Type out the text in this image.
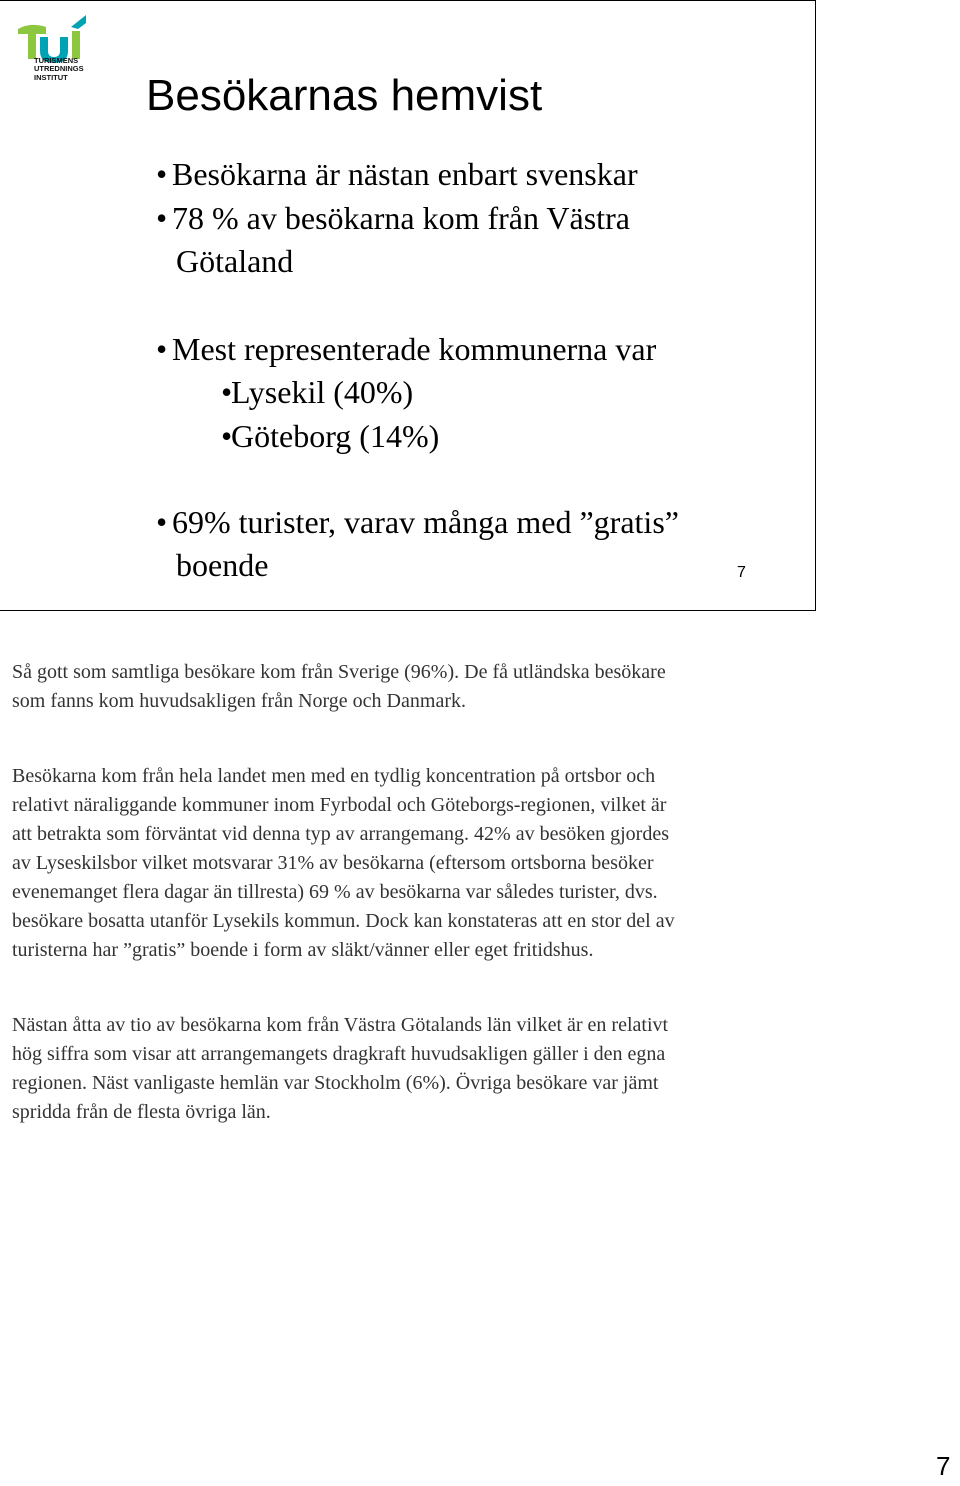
TURISMENS
UTREDNINGS
INSTITUT	Besökarnas hemvist
• Besökarna är nästan enbart svenskar
• 78 % av besökarna kom från Västra
Götaland
• Mest representerade kommunerna var
•Lysekil (40%)
•Göteborg (14%)
• 69% turister, varav många med ”gratis”
boende	7

Så gott som samtliga besökare kom från Sverige (96%). De få utländska besökare
som fanns kom huvudsakligen från Norge och Danmark.

Besökarna kom från hela landet men med en tydlig koncentration på ortsbor och
relativt näraliggande kommuner inom Fyrbodal och Göteborgs-regionen, vilket är
att betrakta som förväntat vid denna typ av arrangemang. 42% av besöken gjordes
av Lyseskilsbor vilket motsvarar 31% av besökarna (eftersom ortsborna besöker
evenemanget flera dagar än tillresta) 69 % av besökarna var således turister, dvs.
besökare bosatta utanför Lysekils kommun. Dock kan konstateras att en stor del av
turisterna har ”gratis” boende i form av släkt/vänner eller eget fritidshus.

Nästan åtta av tio av besökarna kom från Västra Götalands län vilket är en relativt
hög siffra som visar att arrangemangets dragkraft huvudsakligen gäller i den egna
regionen. Näst vanligaste hemlän var Stockholm (6%). Övriga besökare var jämt
spridda från de flesta övriga län.

7
